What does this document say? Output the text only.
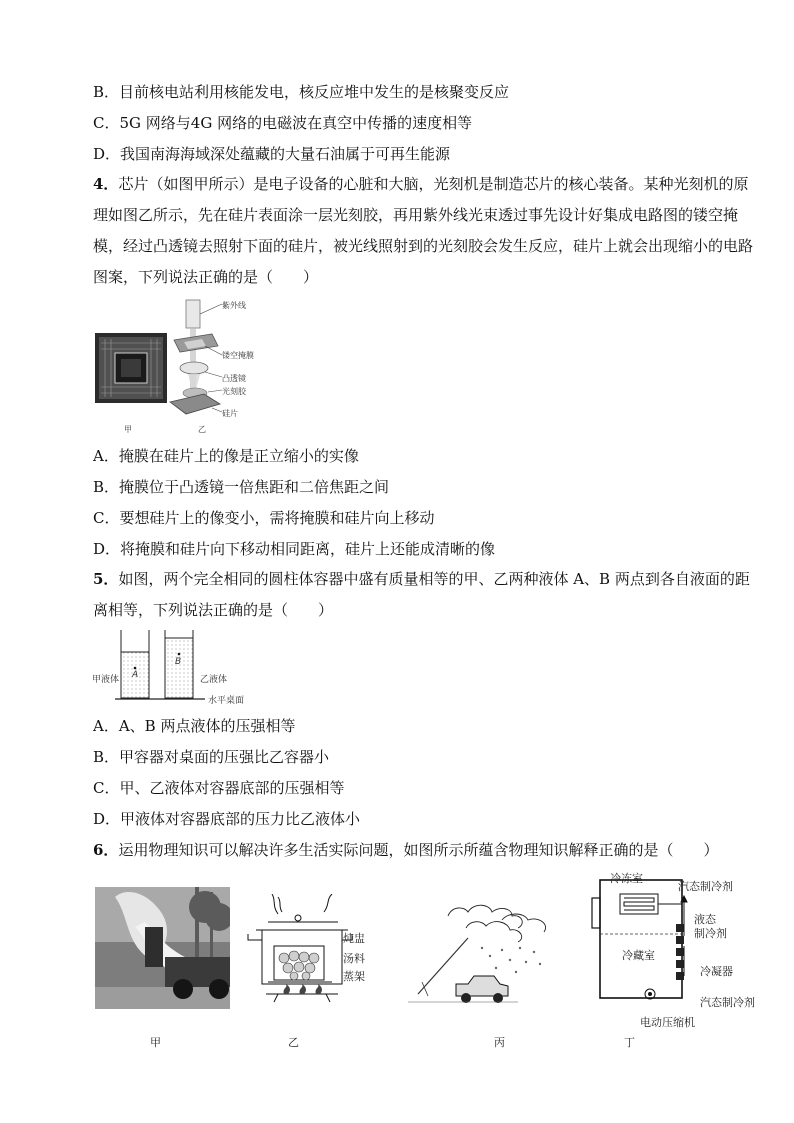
B．目前核电站利用核能发电，核反应堆中发生的是核聚变反应
C．5G 网络与4G 网络的电磁波在真空中传播的速度相等
D．我国南海海域深处蕴藏的大量石油属于可再生能源
4．芯片（如图甲所示）是电子设备的心脏和大脑，光刻机是制造芯片的核心装备。某种光刻机的原理如图乙所示，先在硅片表面涂一层光刻胶，再用紫外线光束透过事先设计好集成电路图的镂空掩模，经过凸透镜去照射下面的硅片，被光线照射到的光刻胶会发生反应，硅片上就会出现缩小的电路图案，下列说法正确的是（　　）
甲
紫外线
镂空掩膜
凸透镜
光刻胶
硅片
乙
A．掩膜在硅片上的像是正立缩小的实像
B．掩膜位于凸透镜一倍焦距和二倍焦距之间
C．要想硅片上的像变小，需将掩膜和硅片向上移动
D．将掩膜和硅片向下移动相同距离，硅片上还能成清晰的像
5．如图，两个完全相同的圆柱体容器中盛有质量相等的甲、乙两种液体 A、B 两点到各自液面的距离相等，下列说法正确的是（　　）
A
B
甲液体	乙液体
水平桌面
A．A、B 两点液体的压强相等
B．甲容器对桌面的压强比乙容器小
C．甲、乙液体对容器底部的压强相等
D．甲液体对容器底部的压力比乙液体小
6．运用物理知识可以解决许多生活实际问题，如图所示所蕴含物理知识解释正确的是（　　）
炖盅
汤料
蒸架
冷冻室
汽态制冷剂
液态
制冷剂
冷藏室
冷凝器
汽态制冷剂
电动压缩机
甲	乙	丙	丁
